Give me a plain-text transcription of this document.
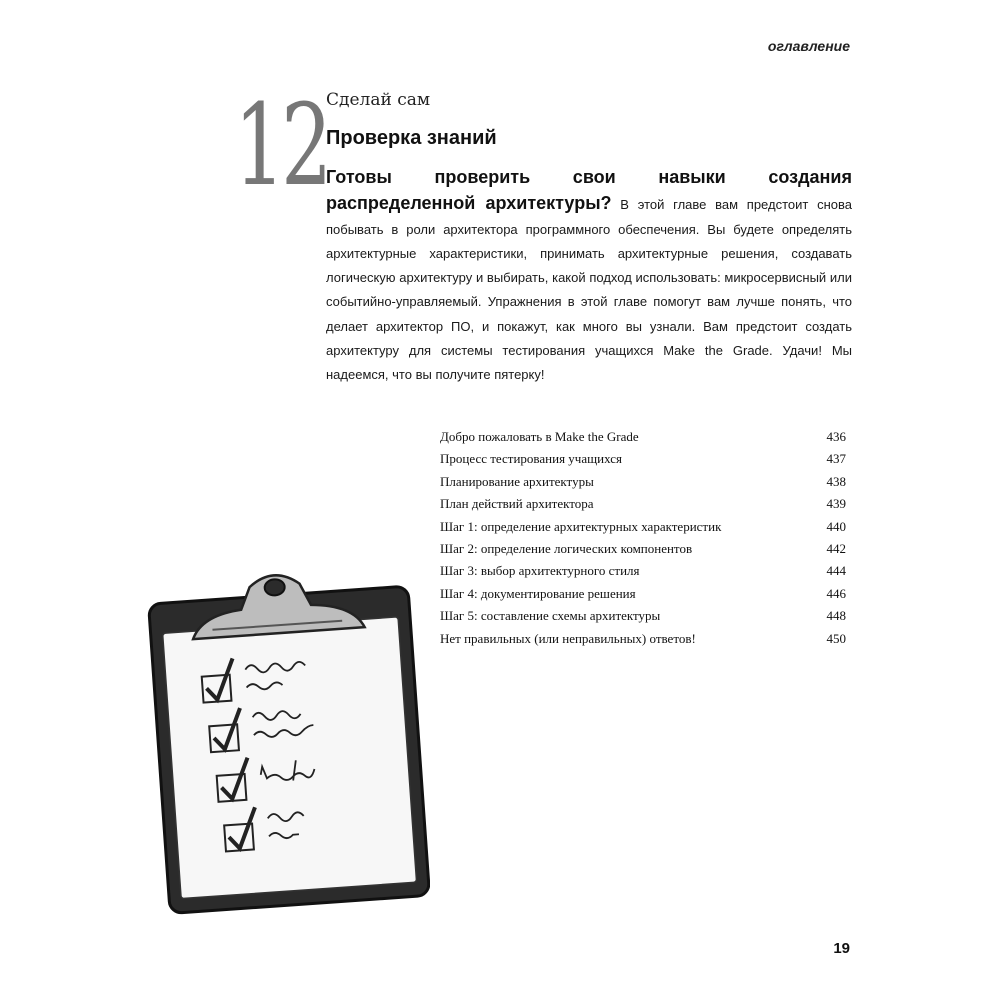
оглавление
12
Сделай сам
Проверка знаний
Готовы проверить свои навыки создания распределенной архитектуры? В этой главе вам предстоит снова побывать в роли архитектора программного обеспечения. Вы будете определять архитектурные характеристики, принимать архитектурные решения, создавать логическую архитектуру и выбирать, какой подход использовать: микросервисный или событийно-управляемый. Упражнения в этой главе помогут вам лучше понять, что делает архитектор ПО, и покажут, как много вы узнали. Вам предстоит создать архитектуру для системы тестирования учащихся Make the Grade. Удачи! Мы надеемся, что вы получите пятерку!
Добро пожаловать в Make the Grade	436
Процесс тестирования учащихся	437
Планирование архитектуры	438
План действий архитектора	439
Шаг 1: определение архитектурных характеристик	440
Шаг 2: определение логических компонентов	442
Шаг 3: выбор архитектурного стиля	444
Шаг 4: документирование решения	446
Шаг 5: составление схемы архитектуры	448
Нет правильных (или неправильных) ответов!	450
19
